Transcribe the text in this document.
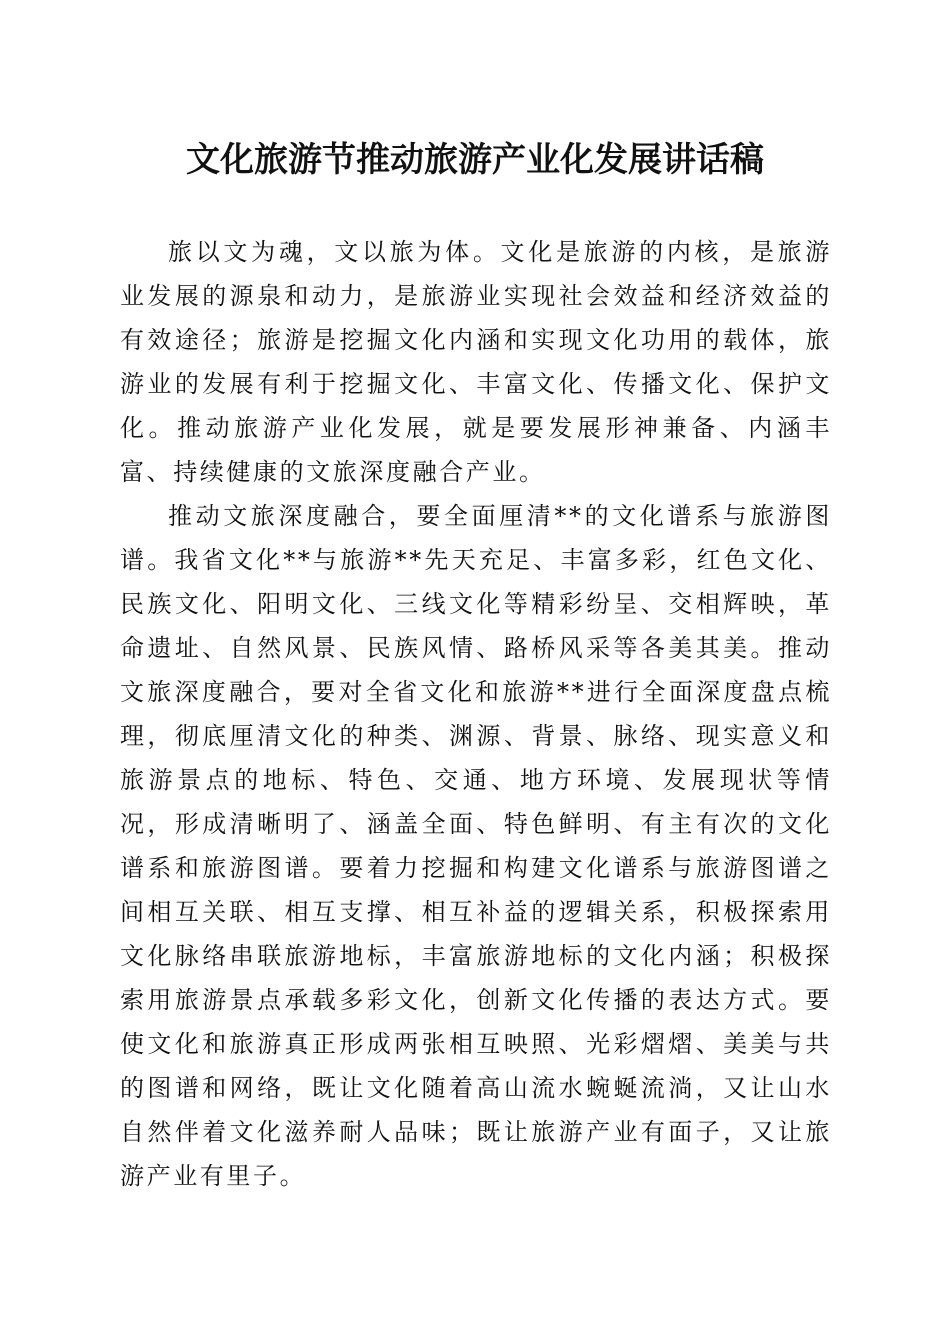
文化旅游节推动旅游产业化发展讲话稿

旅以文为魂，文以旅为体。文化是旅游的内核，是旅游业发展的源泉和动力，是旅游业实现社会效益和经济效益的有效途径；旅游是挖掘文化内涵和实现文化功用的载体，旅游业的发展有利于挖掘文化、丰富文化、传播文化、保护文化。推动旅游产业化发展，就是要发展形神兼备、内涵丰富、持续健康的文旅深度融合产业。

推动文旅深度融合，要全面厘清**的文化谱系与旅游图谱。我省文化**与旅游**先天充足、丰富多彩，红色文化、民族文化、阳明文化、三线文化等精彩纷呈、交相辉映，革命遗址、自然风景、民族风情、路桥风采等各美其美。推动文旅深度融合，要对全省文化和旅游**进行全面深度盘点梳理，彻底厘清文化的种类、渊源、背景、脉络、现实意义和旅游景点的地标、特色、交通、地方环境、发展现状等情况，形成清晰明了、涵盖全面、特色鲜明、有主有次的文化谱系和旅游图谱。要着力挖掘和构建文化谱系与旅游图谱之间相互关联、相互支撑、相互补益的逻辑关系，积极探索用文化脉络串联旅游地标，丰富旅游地标的文化内涵；积极探索用旅游景点承载多彩文化，创新文化传播的表达方式。要使文化和旅游真正形成两张相互映照、光彩熠熠、美美与共的图谱和网络，既让文化随着高山流水蜿蜒流淌，又让山水自然伴着文化滋养耐人品味；既让旅游产业有面子，又让旅游产业有里子。
